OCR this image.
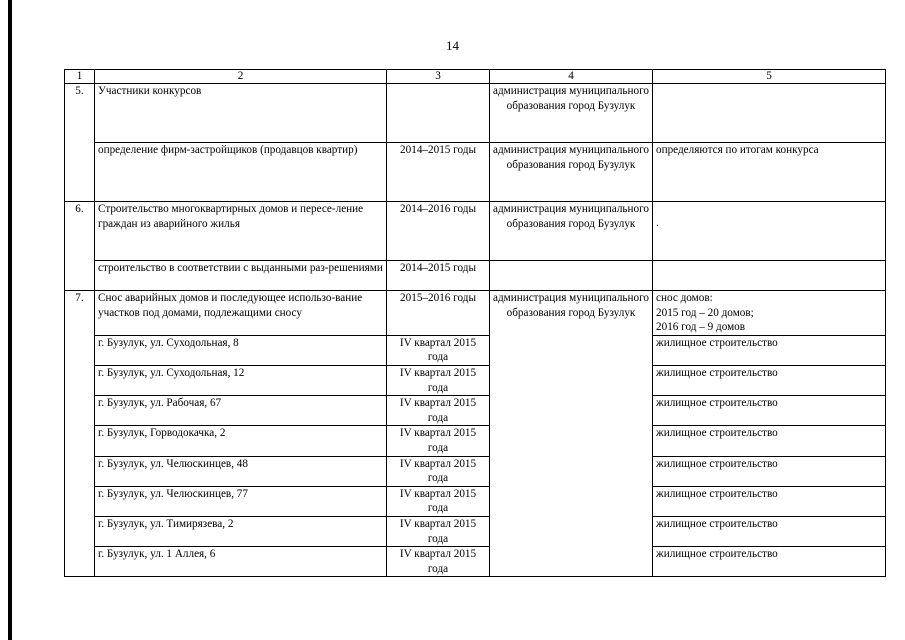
14
1	2	3	4	5
5.	Участники конкурсов		администрация муниципального образования город Бузулук	
	определение фирм-застройщиков (продавцов квартир)	2014–2015 годы	администрация муниципального образования город Бузулук	определяются по итогам конкурса
6.	Строительство многоквартирных домов и пересе-ление граждан из аварийного жилья	2014–2016 годы	администрация муниципального образования город Бузулук	.
	строительство в соответствии с выданными раз-решениями	2014–2015 годы		
7.	Снос аварийных домов и последующее использо-вание участков под домами, подлежащими сносу	2015–2016 годы	администрация муниципального образования город Бузулук	снос домов:
2015 год – 20 домов;
2016 год – 9 домов

	г. Бузулук, ул. Суходольная, 8	IV квартал 2015 года		жилищное строительство
	г. Бузулук, ул. Суходольная, 12	IV квартал 2015 года		жилищное строительство
	г. Бузулук, ул. Рабочая, 67	IV квартал 2015 года		жилищное строительство
	г. Бузулук, Горводокачка, 2	IV квартал 2015 года		жилищное строительство
	г. Бузулук, ул. Челюскинцев, 48	IV квартал 2015 года		жилищное строительство
	г. Бузулук, ул. Челюскинцев, 77	IV квартал 2015 года		жилищное строительство
	г. Бузулук, ул. Тимирязева, 2	IV квартал 2015 года		жилищное строительство
	г. Бузулук, ул. 1 Аллея, 6	IV квартал 2015 года		жилищное строительство
